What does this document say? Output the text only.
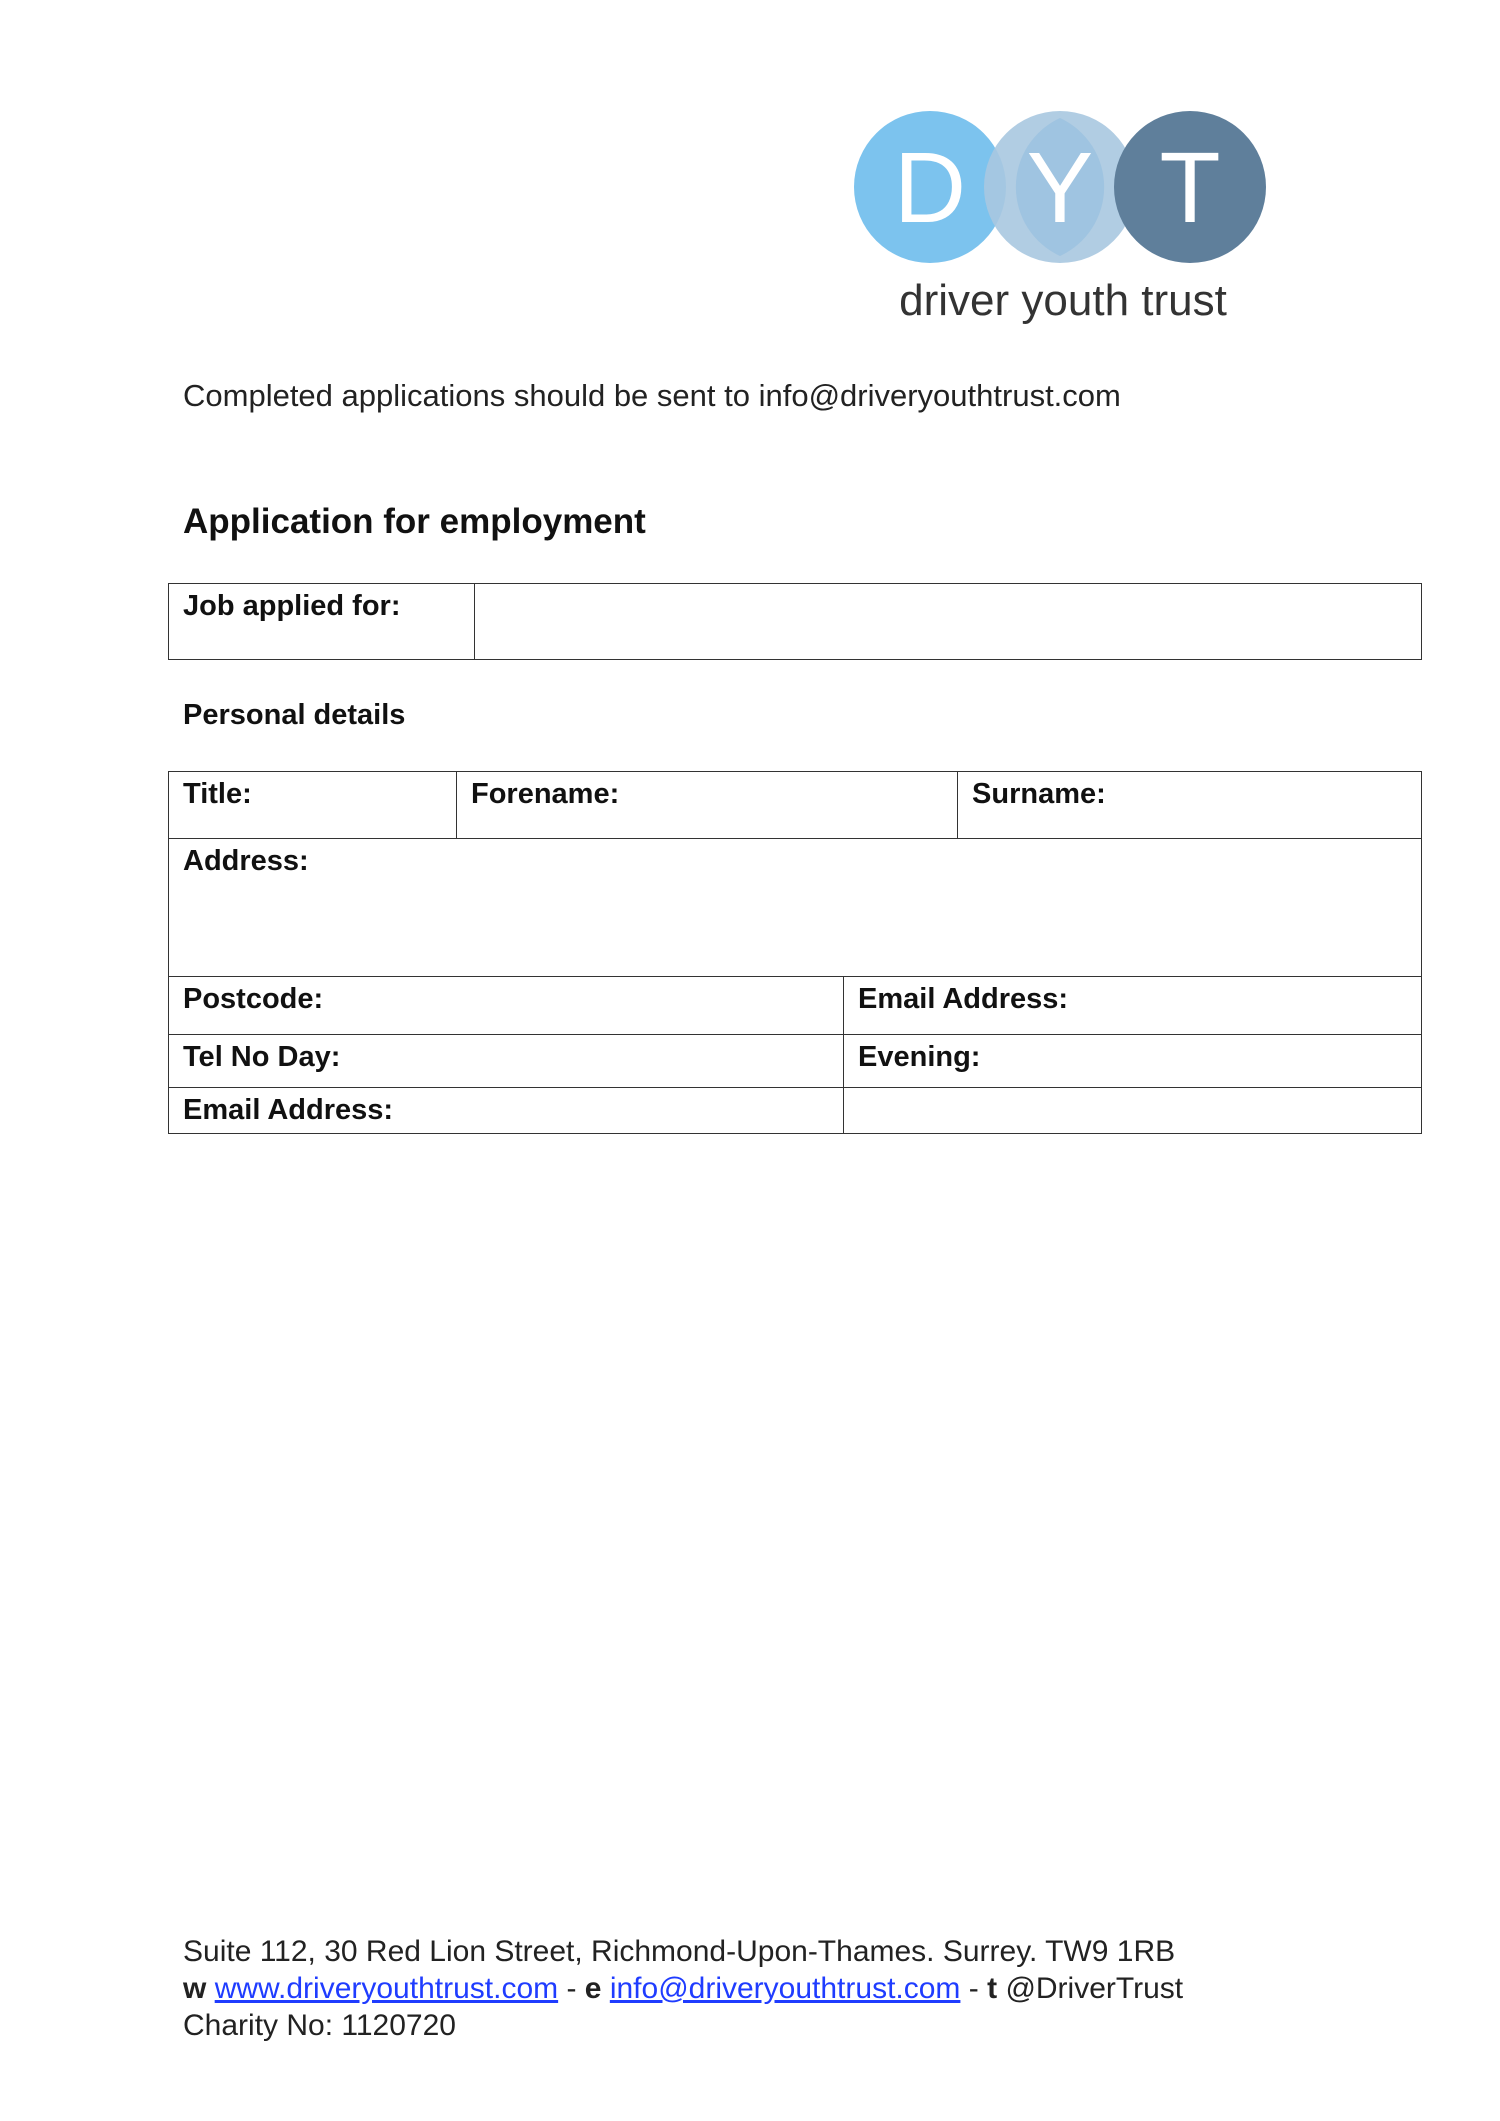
D Y T
driver youth trust
Completed applications should be sent to info@driveryouthtrust.com
Application for employment
Job applied for:	
Personal details
Title:	Forename:		Surname:
Address:			
Postcode:		Email Address:	
Tel No Day:		Evening:	
Email Address:			
Suite 112, 30 Red Lion Street, Richmond-Upon-Thames. Surrey. TW9 1RB
w www.driveryouthtrust.com - e info@driveryouthtrust.com - t @DriverTrust
Charity No: 1120720
